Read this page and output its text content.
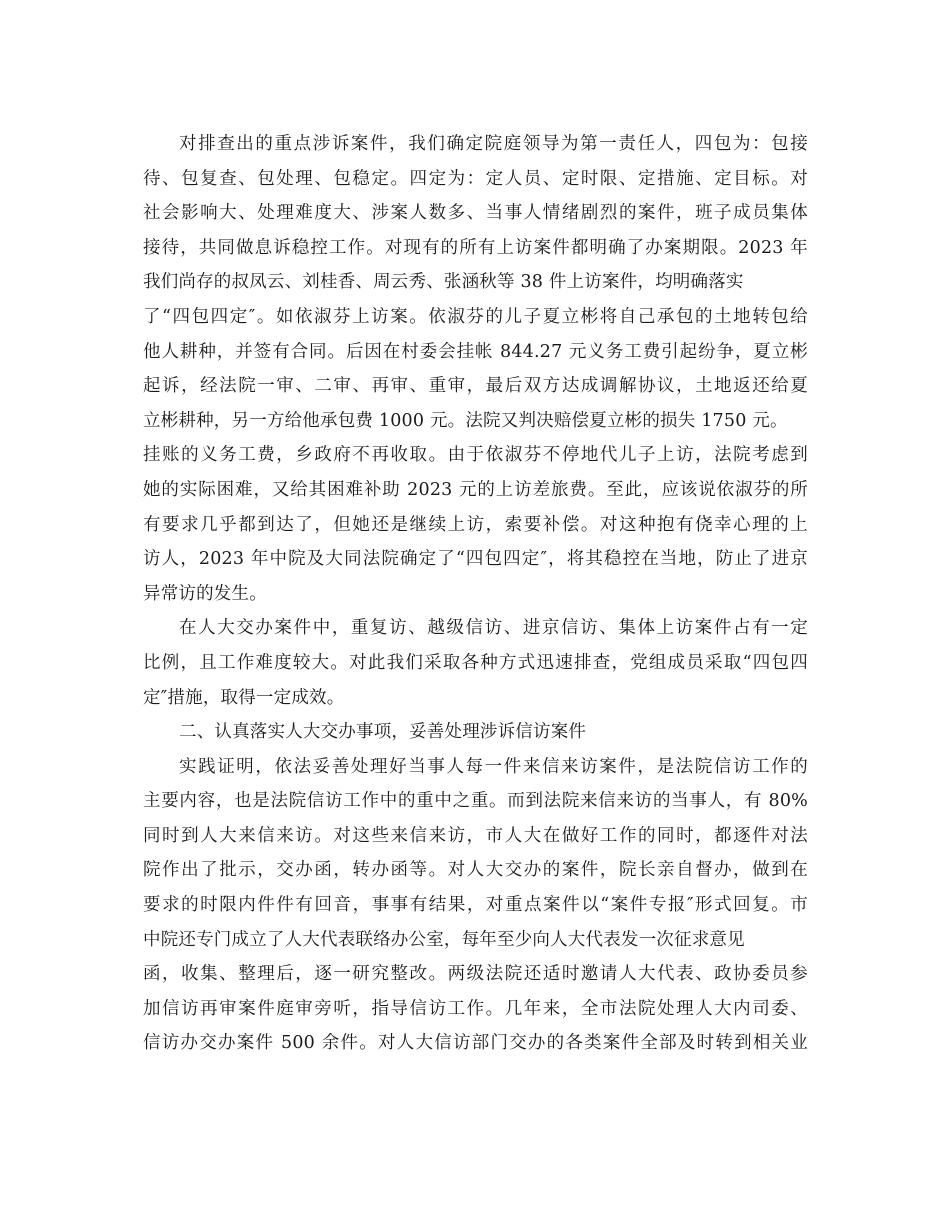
对排查出的重点涉诉案件，我们确定院庭领导为第一责任人，四包为：包接
待、包复查、包处理、包稳定。四定为：定人员、定时限、定措施、定目标。对
社会影响大、处理难度大、涉案人数多、当事人情绪剧烈的案件，班子成员集体
接待，共同做息诉稳控工作。对现有的所有上访案件都明确了办案期限。2023 年
我们尚存的叔凤云、刘桂香、周云秀、张涵秋等 38 件上访案件，均明确落实
了“四包四定″。如依淑芬上访案。依淑芬的儿子夏立彬将自己承包的土地转包给
他人耕种，并签有合同。后因在村委会挂帐 844.27 元义务工费引起纷争，夏立彬
起诉，经法院一审、二审、再审、重审，最后双方达成调解协议，土地返还给夏
立彬耕种，另一方给他承包费 1000 元。法院又判决赔偿夏立彬的损失 1750 元。
挂账的义务工费，乡政府不再收取。由于依淑芬不停地代儿子上访，法院考虑到
她的实际困难，又给其困难补助 2023 元的上访差旅费。至此，应该说依淑芬的所
有要求几乎都到达了，但她还是继续上访，索要补偿。对这种抱有侥幸心理的上
访人，2023 年中院及大同法院确定了“四包四定″，将其稳控在当地，防止了进京
异常访的发生。
在人大交办案件中，重复访、越级信访、进京信访、集体上访案件占有一定
比例，且工作难度较大。对此我们采取各种方式迅速排查，党组成员采取“四包四
定″措施，取得一定成效。
二、认真落实人大交办事项，妥善处理涉诉信访案件
实践证明，依法妥善处理好当事人每一件来信来访案件，是法院信访工作的
主要内容，也是法院信访工作中的重中之重。而到法院来信来访的当事人，有 80%
同时到人大来信来访。对这些来信来访，市人大在做好工作的同时，都逐件对法
院作出了批示，交办函，转办函等。对人大交办的案件，院长亲自督办，做到在
要求的时限内件件有回音，事事有结果，对重点案件以“案件专报″形式回复。市
中院还专门成立了人大代表联络办公室，每年至少向人大代表发一次征求意见
函，收集、整理后，逐一研究整改。两级法院还适时邀请人大代表、政协委员参
加信访再审案件庭审旁听，指导信访工作。几年来，全市法院处理人大内司委、
信访办交办案件 500 余件。对人大信访部门交办的各类案件全部及时转到相关业
